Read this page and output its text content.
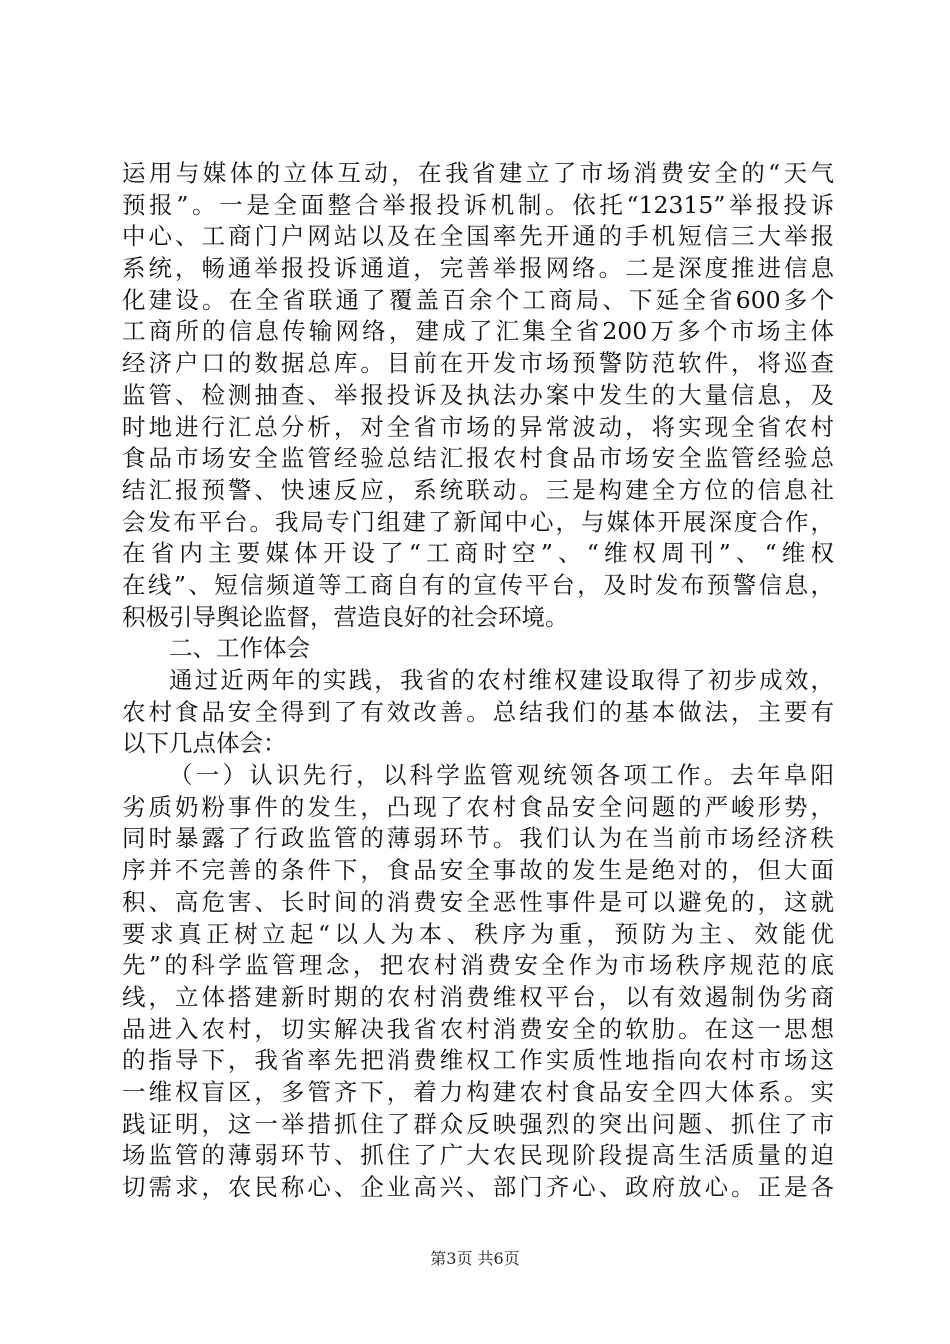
运用与媒体的立体互动，在我省建立了市场消费安全的“天气
预报”。一是全面整合举报投诉机制。依托“12315”举报投诉
中心、工商门户网站以及在全国率先开通的手机短信三大举报
系统，畅通举报投诉通道，完善举报网络。二是深度推进信息
化建设。在全省联通了覆盖百余个工商局、下延全省600多个
工商所的信息传输网络，建成了汇集全省200万多个市场主体
经济户口的数据总库。目前在开发市场预警防范软件，将巡查
监管、检测抽查、举报投诉及执法办案中发生的大量信息，及
时地进行汇总分析，对全省市场的异常波动，将实现全省农村
食品市场安全监管经验总结汇报农村食品市场安全监管经验总
结汇报预警、快速反应，系统联动。三是构建全方位的信息社
会发布平台。我局专门组建了新闻中心，与媒体开展深度合作，
在省内主要媒体开设了“工商时空”、“维权周刊”、“维权
在线”、短信频道等工商自有的宣传平台，及时发布预警信息，
积极引导舆论监督，营造良好的社会环境。
二、工作体会
通过近两年的实践，我省的农村维权建设取得了初步成效，
农村食品安全得到了有效改善。总结我们的基本做法，主要有
以下几点体会：
（一）认识先行，以科学监管观统领各项工作。去年阜阳
劣质奶粉事件的发生，凸现了农村食品安全问题的严峻形势，
同时暴露了行政监管的薄弱环节。我们认为在当前市场经济秩
序并不完善的条件下，食品安全事故的发生是绝对的，但大面
积、高危害、长时间的消费安全恶性事件是可以避免的，这就
要求真正树立起“以人为本、秩序为重，预防为主、效能优
先”的科学监管理念，把农村消费安全作为市场秩序规范的底
线，立体搭建新时期的农村消费维权平台，以有效遏制伪劣商
品进入农村，切实解决我省农村消费安全的软肋。在这一思想
的指导下，我省率先把消费维权工作实质性地指向农村市场这
一维权盲区，多管齐下，着力构建农村食品安全四大体系。实
践证明，这一举措抓住了群众反映强烈的突出问题、抓住了市
场监管的薄弱环节、抓住了广大农民现阶段提高生活质量的迫
切需求，农民称心、企业高兴、部门齐心、政府放心。正是各
第3页 共6页
